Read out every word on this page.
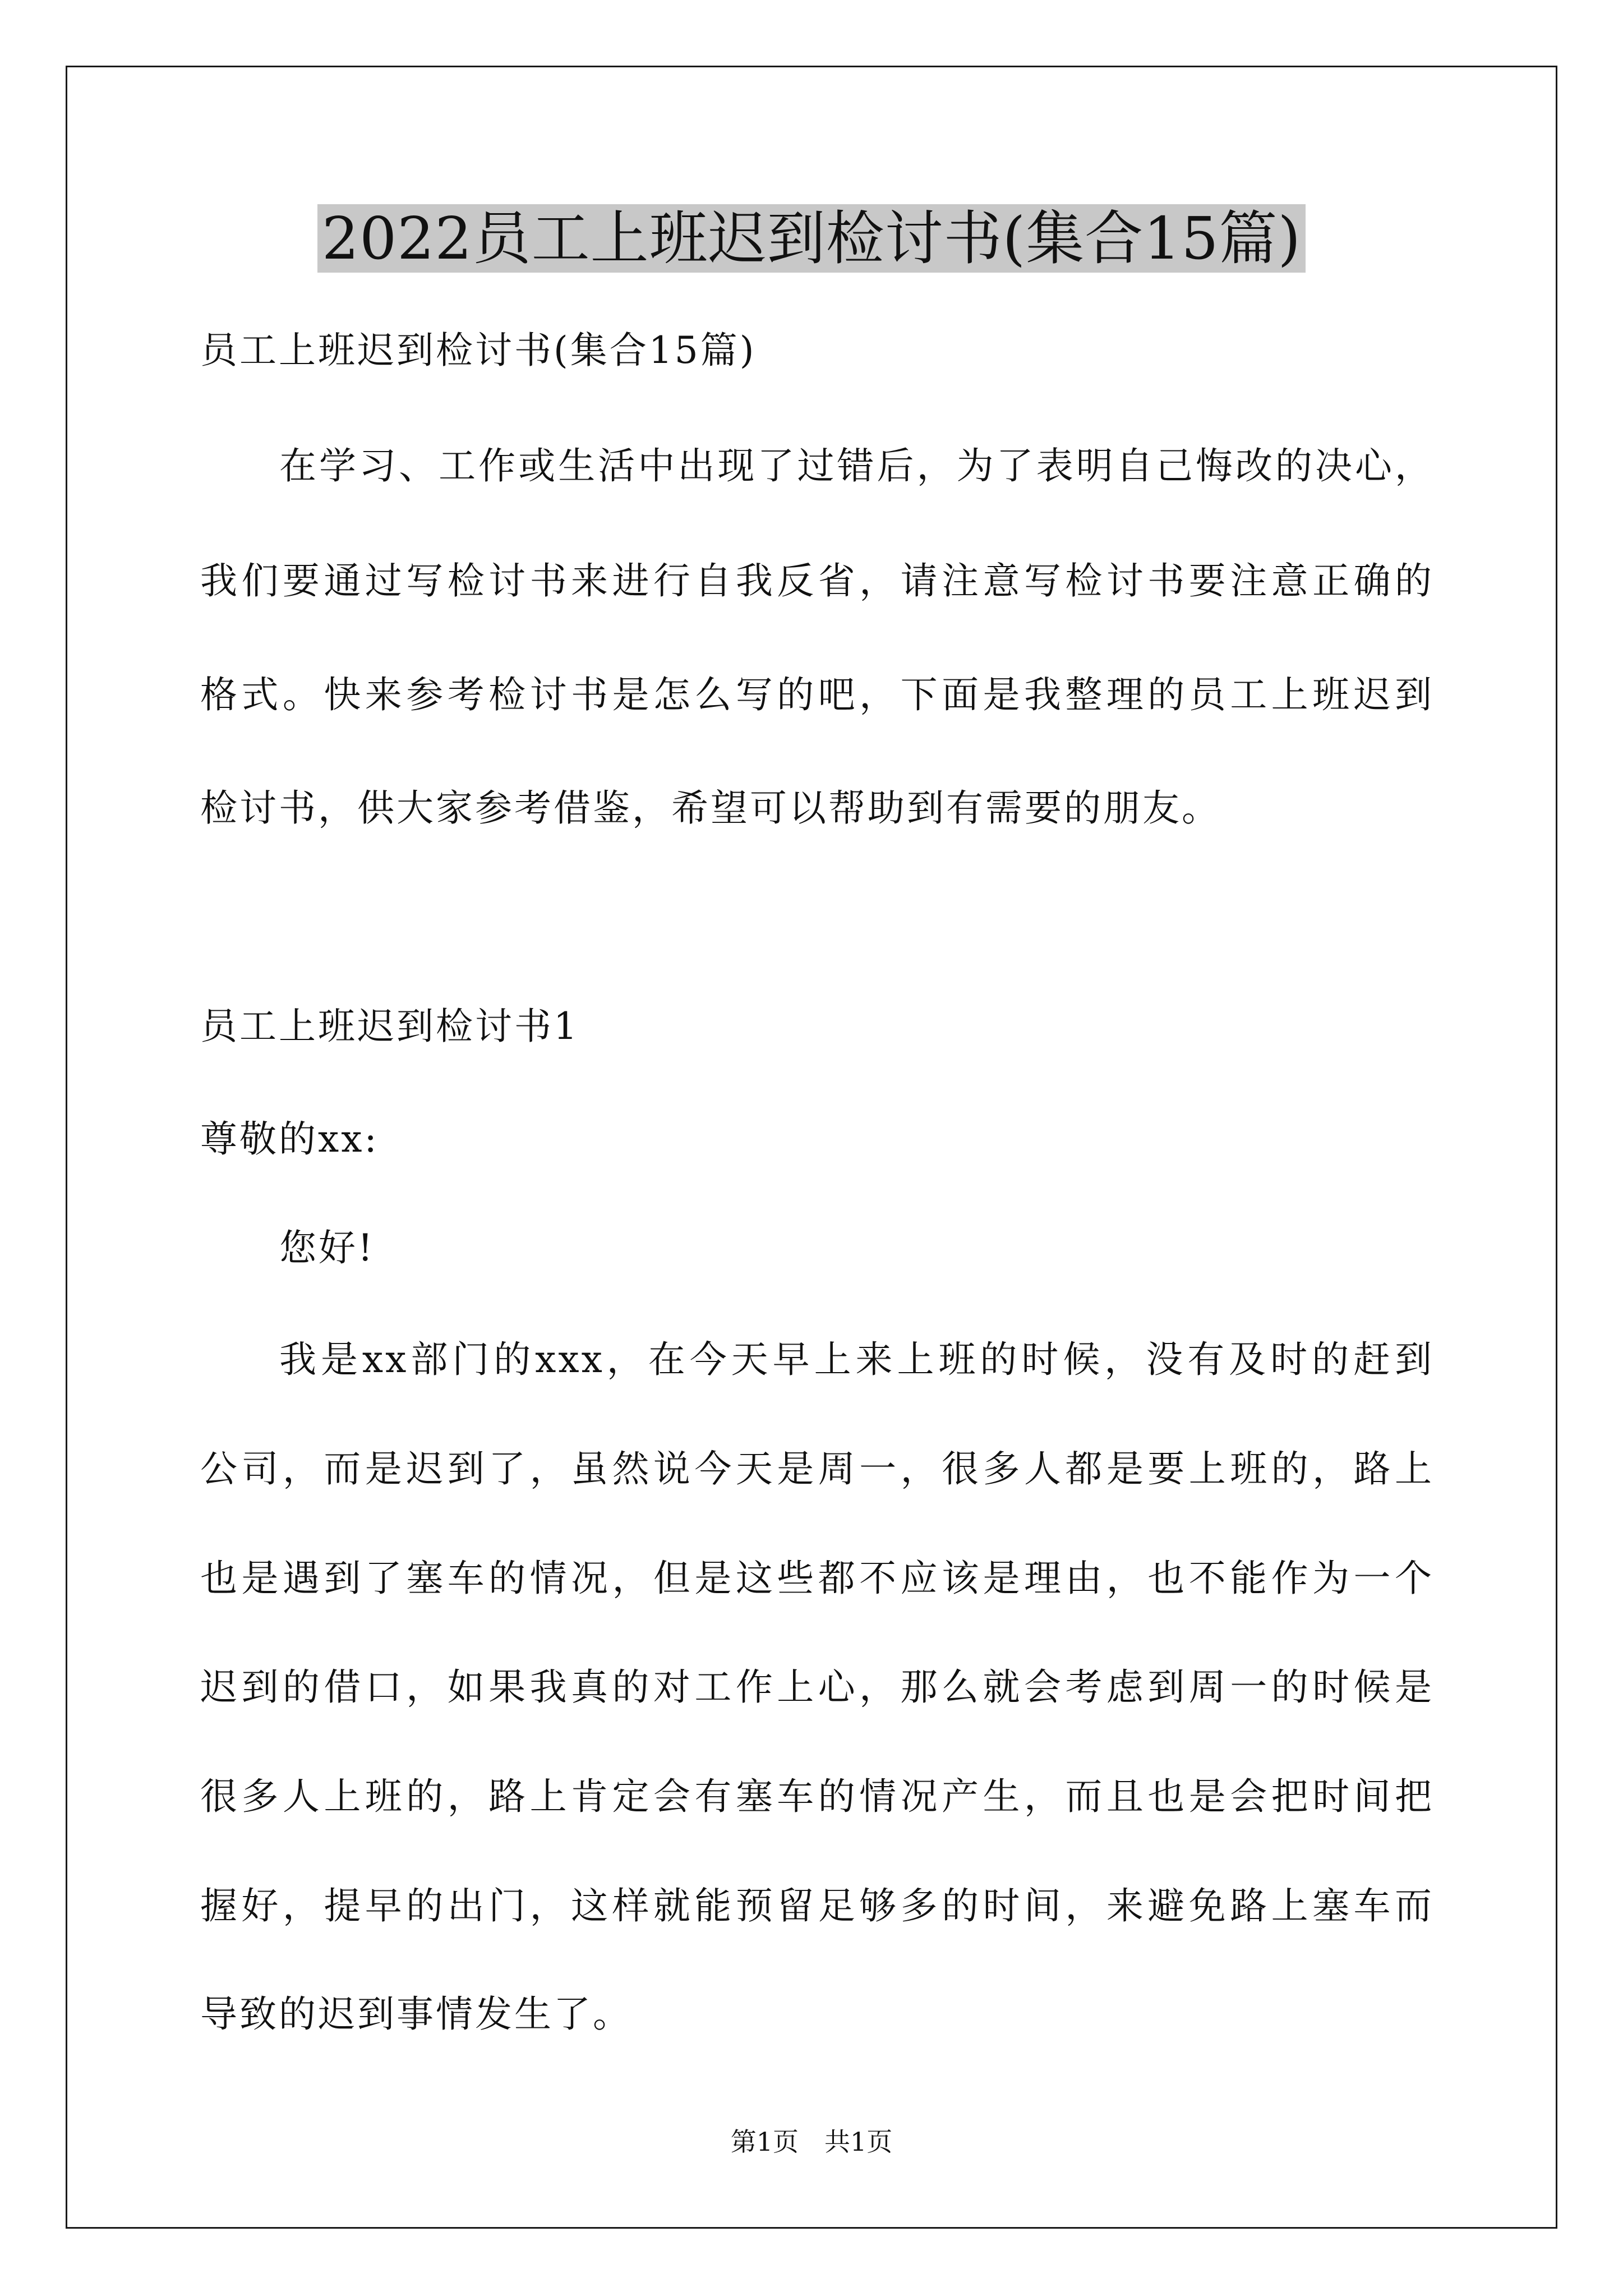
2022员工上班迟到检讨书(集合15篇)
员工上班迟到检讨书(集合15篇)
在学习、工作或生活中出现了过错后，为了表明自己悔改的决心，
我们要通过写检讨书来进行自我反省，请注意写检讨书要注意正确的
格式。快来参考检讨书是怎么写的吧，下面是我整理的员工上班迟到
检讨书，供大家参考借鉴，希望可以帮助到有需要的朋友。
员工上班迟到检讨书1
尊敬的xx:
您好!
我是xx部门的xxx，在今天早上来上班的时候，没有及时的赶到
公司，而是迟到了，虽然说今天是周一，很多人都是要上班的，路上
也是遇到了塞车的情况，但是这些都不应该是理由，也不能作为一个
迟到的借口，如果我真的对工作上心，那么就会考虑到周一的时候是
很多人上班的，路上肯定会有塞车的情况产生，而且也是会把时间把
握好，提早的出门，这样就能预留足够多的时间，来避免路上塞车而
导致的迟到事情发生了。
第1页 共1页
